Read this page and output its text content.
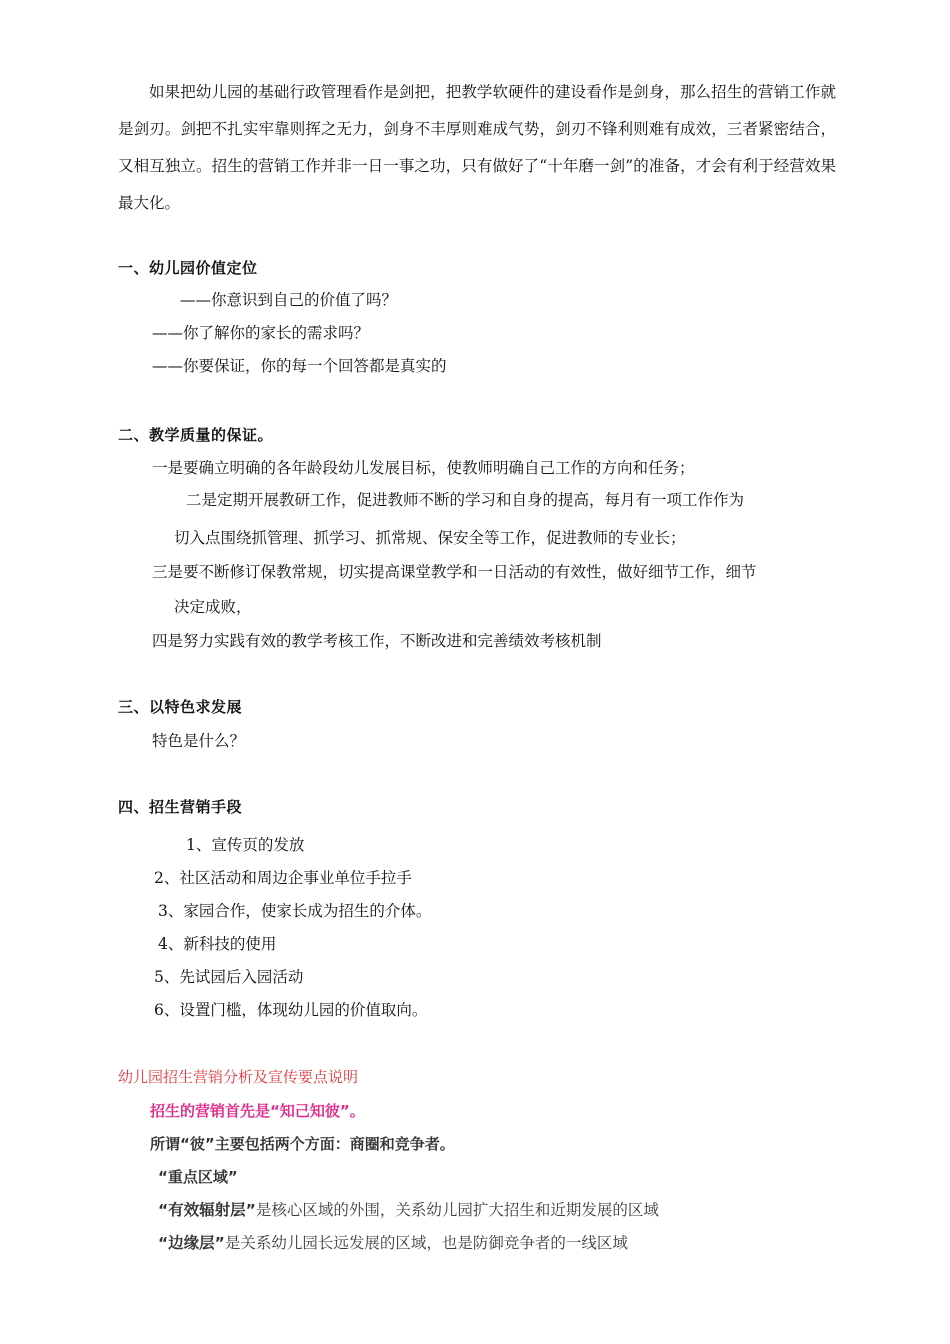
如果把幼儿园的基础行政管理看作是剑把，把教学软硬件的建设看作是剑身，那么招生的营销工作就是剑刃。剑把不扎实牢靠则挥之无力，剑身不丰厚则难成气势，剑刃不锋利则难有成效，三者紧密结合，又相互独立。招生的营销工作并非一日一事之功，只有做好了“十年磨一剑”的准备，才会有利于经营效果最大化。
一、幼儿园价值定位
——你意识到自己的价值了吗？
——你了解你的家长的需求吗？
——你要保证，你的每一个回答都是真实的
二、教学质量的保证。
一是要确立明确的各年龄段幼儿发展目标，使教师明确自己工作的方向和任务；
二是定期开展教研工作，促进教师不断的学习和自身的提高，每月有一项工作作为
切入点围绕抓管理、抓学习、抓常规、保安全等工作，促进教师的专业长；
三是要不断修订保教常规，切实提高课堂教学和一日活动的有效性，做好细节工作，细节
决定成败，
四是努力实践有效的教学考核工作，不断改进和完善绩效考核机制
三、以特色求发展
特色是什么？
四、招生营销手段
1、宣传页的发放
2、社区活动和周边企事业单位手拉手
3、家园合作，使家长成为招生的介体。
4、新科技的使用
5、先试园后入园活动
6、设置门槛，体现幼儿园的价值取向。
幼儿园招生营销分析及宣传要点说明
招生的营销首先是“知己知彼”。
所谓“彼”主要包括两个方面：商圈和竞争者。
“重点区域”
“有效辐射层”是核心区域的外围，关系幼儿园扩大招生和近期发展的区域
“边缘层”是关系幼儿园长远发展的区域，也是防御竞争者的一线区域
